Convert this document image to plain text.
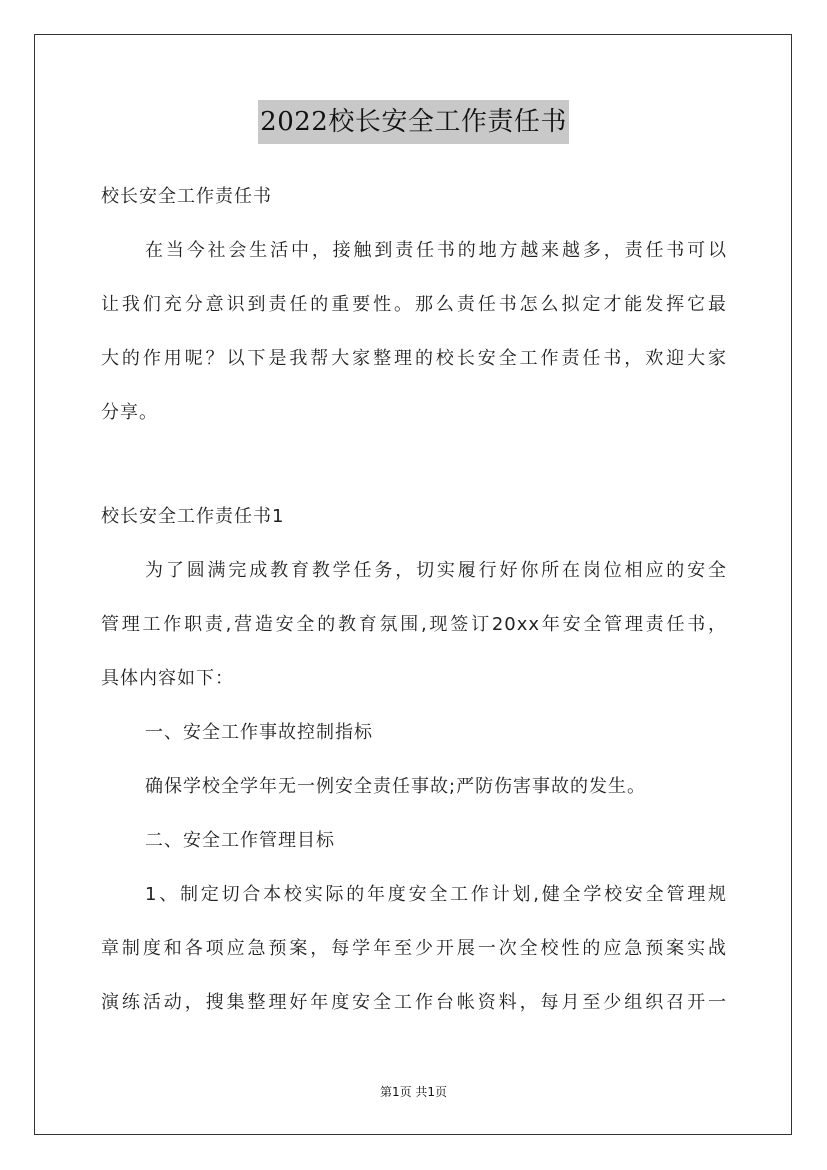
2022校长安全工作责任书
校长安全工作责任书
在当今社会生活中，接触到责任书的地方越来越多，责任书可以
让我们充分意识到责任的重要性。那么责任书怎么拟定才能发挥它最
大的作用呢？以下是我帮大家整理的校长安全工作责任书，欢迎大家
分享。
校长安全工作责任书1
为了圆满完成教育教学任务，切实履行好你所在岗位相应的安全
管理工作职责,营造安全的教育氛围,现签订20xx年安全管理责任书，
具体内容如下：
一、安全工作事故控制指标
确保学校全学年无一例安全责任事故;严防伤害事故的发生。
二、安全工作管理目标
1、制定切合本校实际的年度安全工作计划,健全学校安全管理规
章制度和各项应急预案，每学年至少开展一次全校性的应急预案实战
演练活动，搜集整理好年度安全工作台帐资料，每月至少组织召开一
第1页 共1页
